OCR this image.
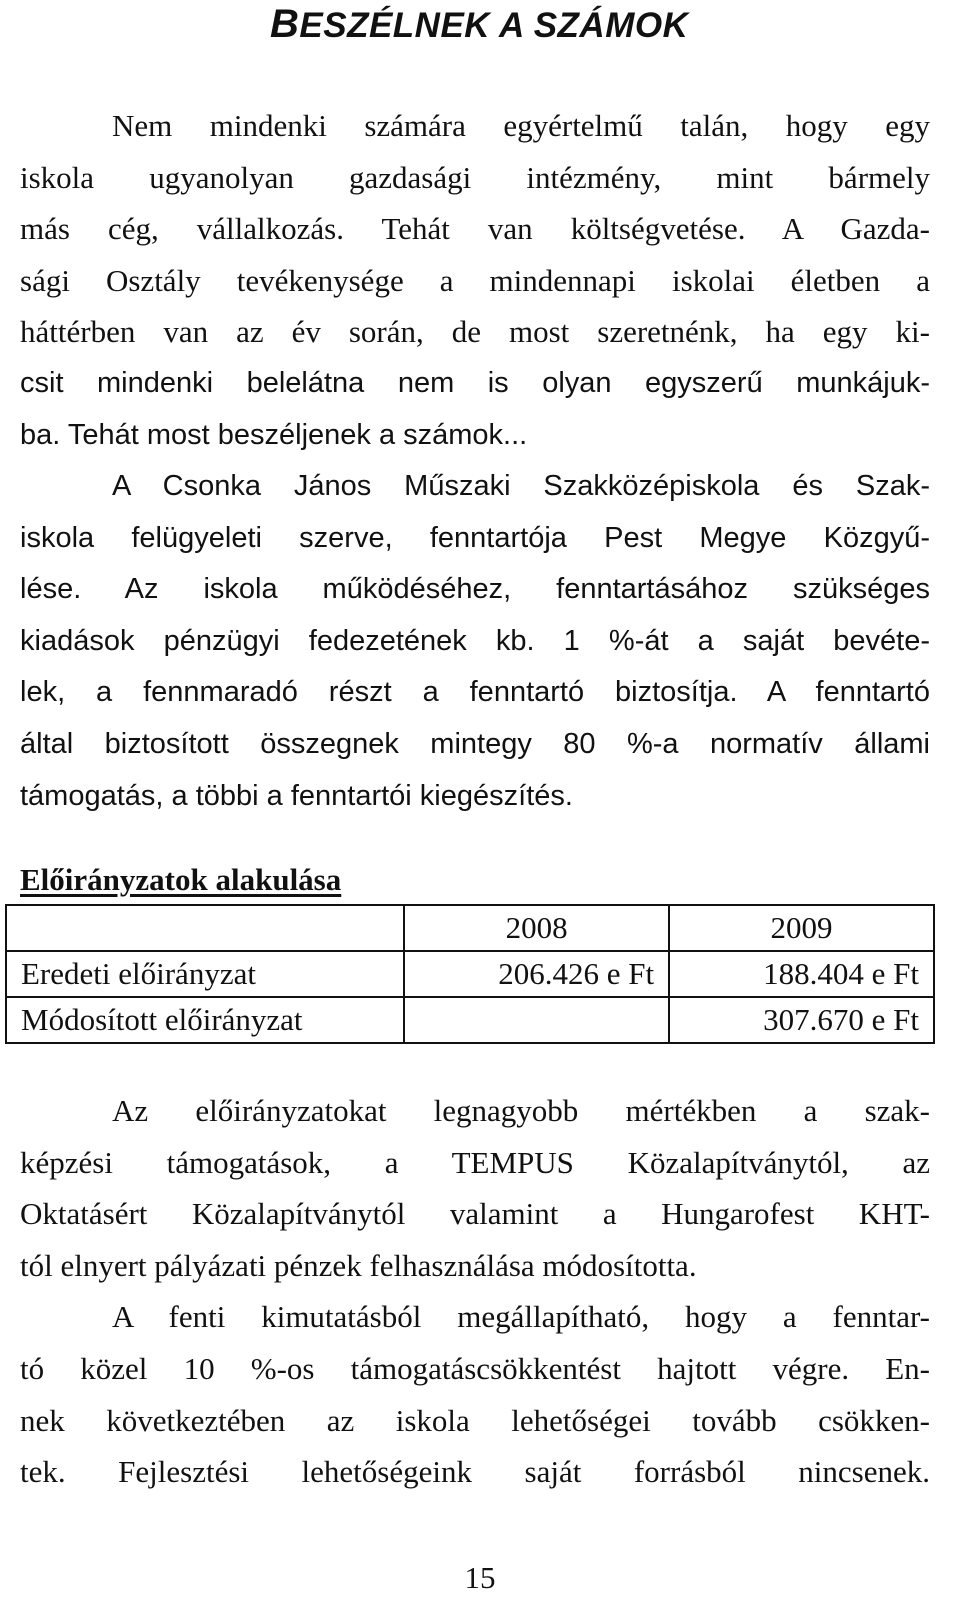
BESZÉLNEK A SZÁMOK
Nem mindenki számára egyértelmű talán, hogy egy
iskola ugyanolyan gazdasági intézmény, mint bármely
más cég, vállalkozás. Tehát van költségvetése. A Gazda-
sági Osztály tevékenysége a mindennapi iskolai életben a
háttérben van az év során, de most szeretnénk, ha egy ki-
csit mindenki belelátna nem is olyan egyszerű munkájuk-
ba. Tehát most beszéljenek a számok...
A Csonka János Műszaki Szakközépiskola és Szak-
iskola felügyeleti szerve, fenntartója Pest Megye Közgyű-
lése. Az iskola működéséhez, fenntartásához szükséges
kiadások pénzügyi fedezetének kb. 1 %-át a saját bevéte-
lek, a fennmaradó részt a fenntartó biztosítja. A fenntartó
által biztosított összegnek mintegy 80 %-a normatív állami
támogatás, a többi a fenntartói kiegészítés.
Előirányzatok alakulása
	2008	2009
Eredeti előirányzat	206.426 e Ft	188.404 e Ft
Módosított előirányzat		307.670 e Ft
Az előirányzatokat legnagyobb mértékben a szak-
képzési támogatások, a TEMPUS Közalapítványtól, az
Oktatásért Közalapítványtól valamint a Hungarofest KHT-
tól elnyert pályázati pénzek felhasználása módosította.
A fenti kimutatásból megállapítható, hogy a fenntar-
tó közel 10 %-os támogatáscsökkentést hajtott végre. En-
nek következtében az iskola lehetőségei tovább csökken-
tek. Fejlesztési lehetőségeink saját forrásból nincsenek.
15
